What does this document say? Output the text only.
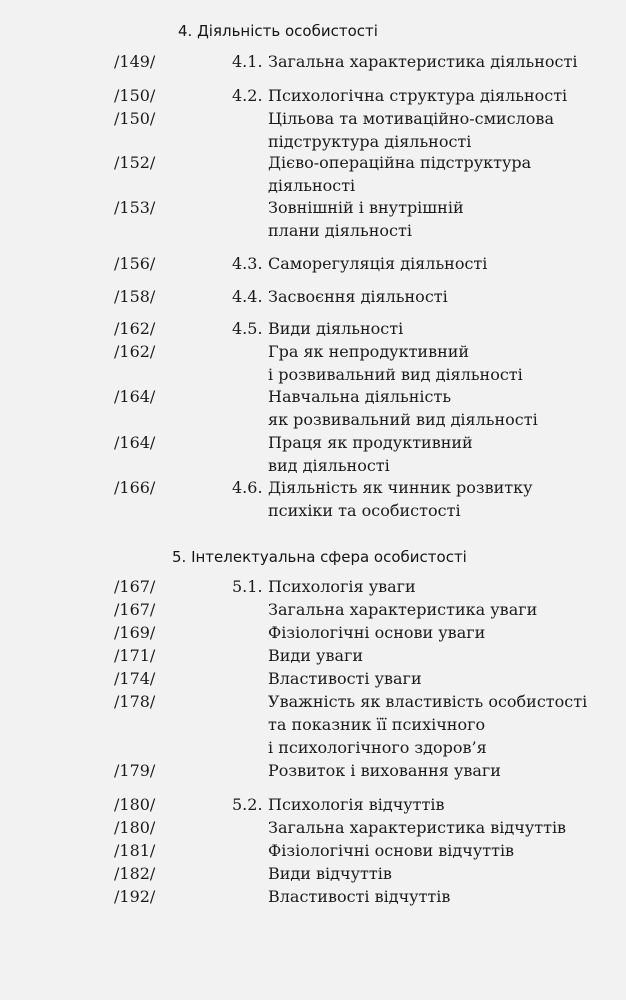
4. Діяльність особистості
/149/	4.1. Загальна характеристика діяльності
/150/	4.2. Психологічна структура діяльності
/150/	Цільова та мотиваційно-смислова
підструктура діяльності
/152/	Дієво-операційна підструктура
діяльності
/153/	Зовнішній і внутрішній
плани діяльності
/156/	4.3. Саморегуляція діяльності
/158/	4.4. Засвоєння діяльності
/162/	4.5. Види діяльності
/162/	Гра як непродуктивний
і розвивальний вид діяльності
/164/	Навчальна діяльність
як розвивальний вид діяльності
/164/	Праця як продуктивний
вид діяльності
/166/	4.6. Діяльність як чинник розвитку
психіки та особистості
5. Інтелектуальна сфера особистості
/167/	5.1. Психологія уваги
/167/	Загальна характеристика уваги
/169/	Фізіологічні основи уваги
/171/	Види уваги
/174/	Властивості уваги
/178/	Уважність як властивість особистості
та показник її психічного
і психологічного здоров’я
/179/	Розвиток і виховання уваги
/180/	5.2. Психологія відчуттів
/180/	Загальна характеристика відчуттів
/181/	Фізіологічні основи відчуттів
/182/	Види відчуттів
/192/	Властивості відчуттів
